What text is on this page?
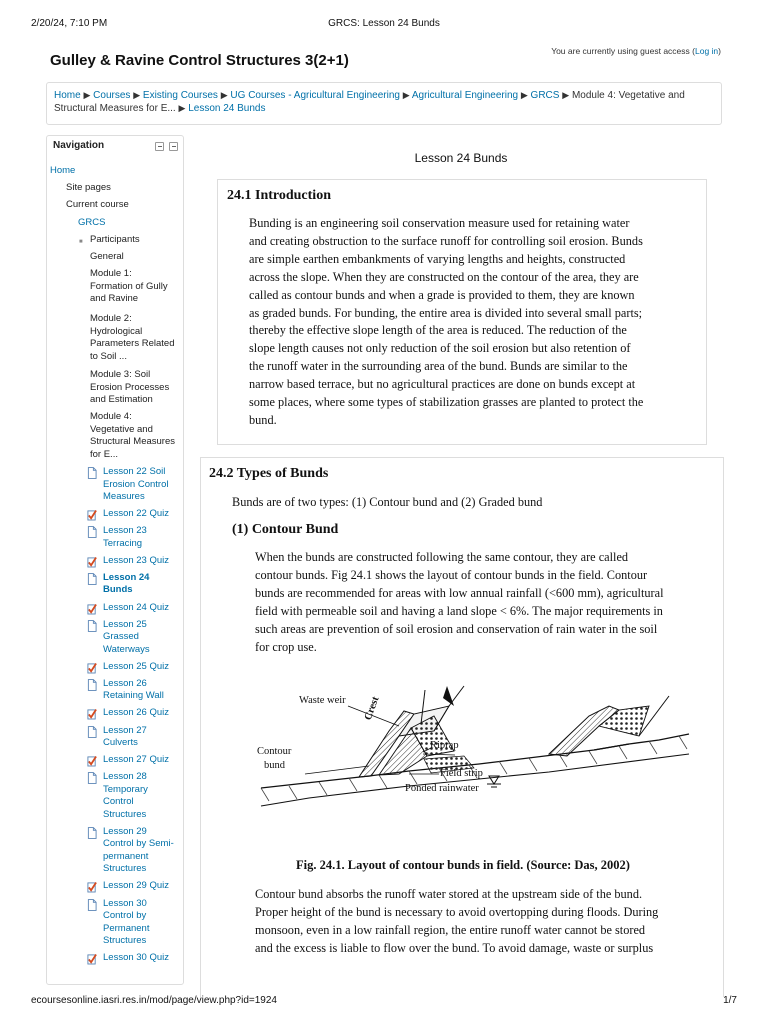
2/20/24, 7:10 PM	GRCS: Lesson 24 Bunds
Gulley & Ravine Control Structures 3(2+1)
You are currently using guest access (Log in)
Home ▶ Courses ▶ Existing Courses ▶ UG Courses - Agricultural Engineering ▶ Agricultural Engineering ▶ GRCS ▶ Module 4: Vegetative and Structural Measures for E... ▶ Lesson 24 Bunds
Navigation
Home
Site pages
Current course
GRCS
■ Participants
General
Module 1:
Formation of Gully
and Ravine
Module 2:
Hydrological
Parameters Related
to Soil ...
Module 3: Soil
Erosion Processes
and Estimation
Module 4:
Vegetative and
Structural Measures
for E...
Lesson 22 Soil
Erosion Control
Measures
Lesson 22 Quiz
Lesson 23
Terracing
Lesson 23 Quiz
Lesson 24
Bunds
Lesson 24 Quiz
Lesson 25
Grassed
Waterways
Lesson 25 Quiz
Lesson 26
Retaining Wall
Lesson 26 Quiz
Lesson 27
Culverts
Lesson 27 Quiz
Lesson 28
Temporary
Control
Structures
Lesson 29
Control by Semi-
permanent
Structures
Lesson 29 Quiz
Lesson 30
Control by
Permanent
Structures
Lesson 30 Quiz
Lesson 24 Bunds
24.1 Introduction
Bunding is an engineering soil conservation measure used for retaining water
and creating obstruction to the surface runoff for controlling soil erosion. Bunds
are simple earthen embankments of varying lengths and heights, constructed
across the slope. When they are constructed on the contour of the area, they are
called as contour bunds and when a grade is provided to them, they are known
as graded bunds. For bunding, the entire area is divided into several small parts;
thereby the effective slope length of the area is reduced. The reduction of the
slope length causes not only reduction of the soil erosion but also retention of
the runoff water in the surrounding area of the bund. Bunds are similar to the
narrow based terrace, but no agricultural practices are done on bunds except at
some places, where some types of stabilization grasses are planted to protect the
bund.
24.2 Types of Bunds
Bunds are of two types: (1) Contour bund and (2) Graded bund
(1) Contour Bund
When the bunds are constructed following the same contour, they are called
contour bunds. Fig 24.1 shows the layout of contour bunds in the field. Contour
bunds are recommended for areas with low annual rainfall (<600 mm), agricultural
field with permeable soil and having a land slope < 6%. The major requirements in
such areas are prevention of soil erosion and conservation of rain water in the soil
for crop use.
Waste weir Crest
Contour
bund
Riprap
Field strip
Ponded rainwater
Fig. 24.1. Layout of contour bunds in field. (Source: Das, 2002)
Contour bund absorbs the runoff water stored at the upstream side of the bund.
Proper height of the bund is necessary to avoid overtopping during floods. During
monsoon, even in a low rainfall region, the entire runoff water cannot be stored
and the excess is liable to flow over the bund. To avoid damage, waste or surplus
ecoursesonline.iasri.res.in/mod/page/view.php?id=1924	1/7
